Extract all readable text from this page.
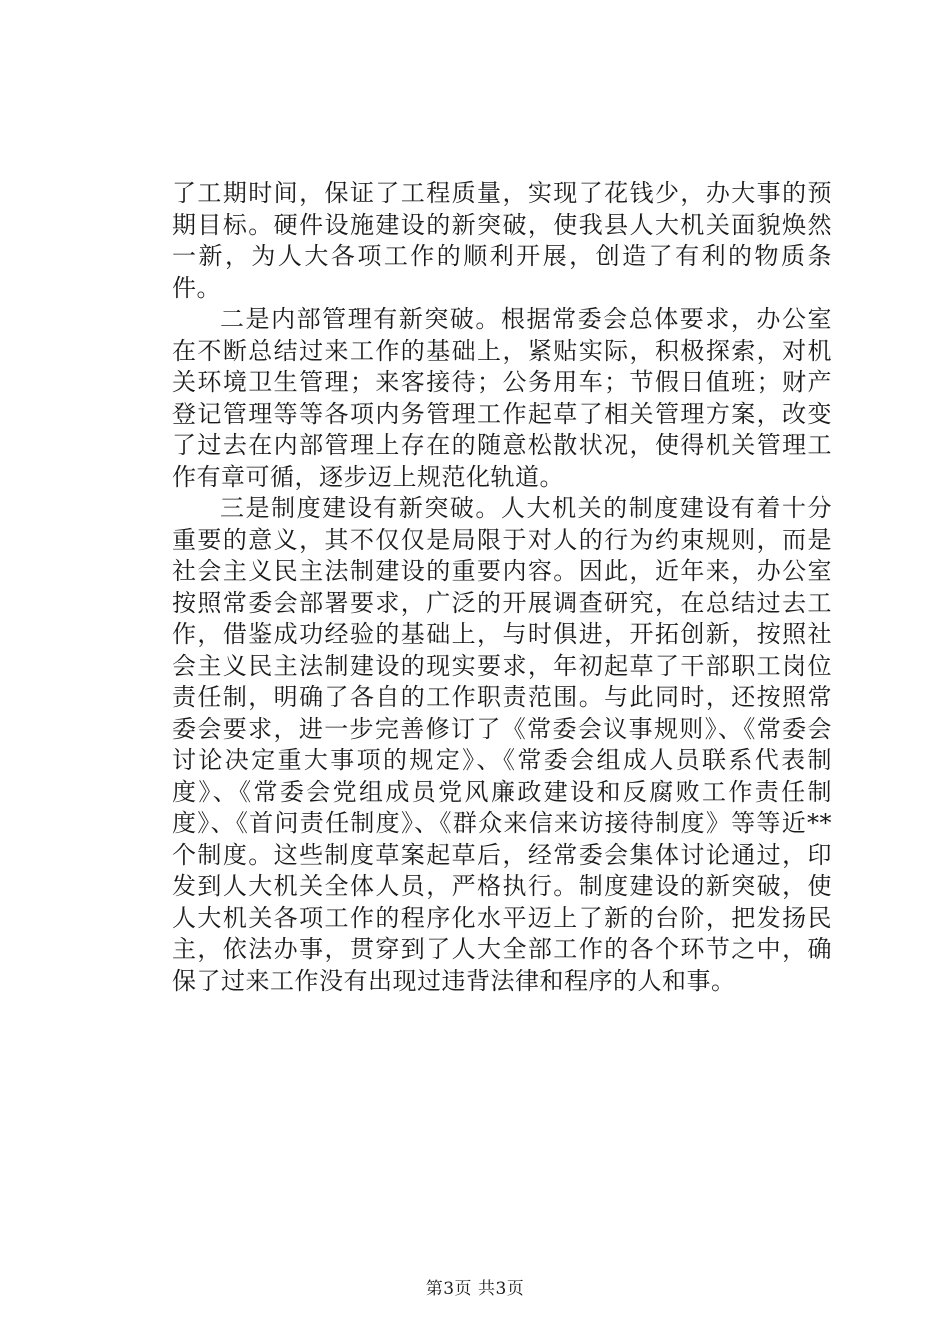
了工期时间，保证了工程质量，实现了花钱少，办大事的预期目标。硬件设施建设的新突破，使我县人大机关面貌焕然一新，为人大各项工作的顺利开展，创造了有利的物质条件。

二是内部管理有新突破。根据常委会总体要求，办公室在不断总结过来工作的基础上，紧贴实际，积极探索，对机关环境卫生管理；来客接待；公务用车；节假日值班；财产登记管理等等各项内务管理工作起草了相关管理方案，改变了过去在内部管理上存在的随意松散状况，使得机关管理工作有章可循，逐步迈上规范化轨道。

三是制度建设有新突破。人大机关的制度建设有着十分重要的意义，其不仅仅是局限于对人的行为约束规则，而是社会主义民主法制建设的重要内容。因此，近年来，办公室按照常委会部署要求，广泛的开展调查研究，在总结过去工作，借鉴成功经验的基础上，与时俱进，开拓创新，按照社会主义民主法制建设的现实要求，年初起草了干部职工岗位责任制，明确了各自的工作职责范围。与此同时，还按照常委会要求，进一步完善修订了《常委会议事规则》、《常委会讨论决定重大事项的规定》、《常委会组成人员联系代表制度》、《常委会党组成员党风廉政建设和反腐败工作责任制度》、《首问责任制度》、《群众来信来访接待制度》等等近**个制度。这些制度草案起草后，经常委会集体讨论通过，印发到人大机关全体人员，严格执行。制度建设的新突破，使人大机关各项工作的程序化水平迈上了新的台阶，把发扬民主，依法办事，贯穿到了人大全部工作的各个环节之中，确保了过来工作没有出现过违背法律和程序的人和事。

第3页 共3页
